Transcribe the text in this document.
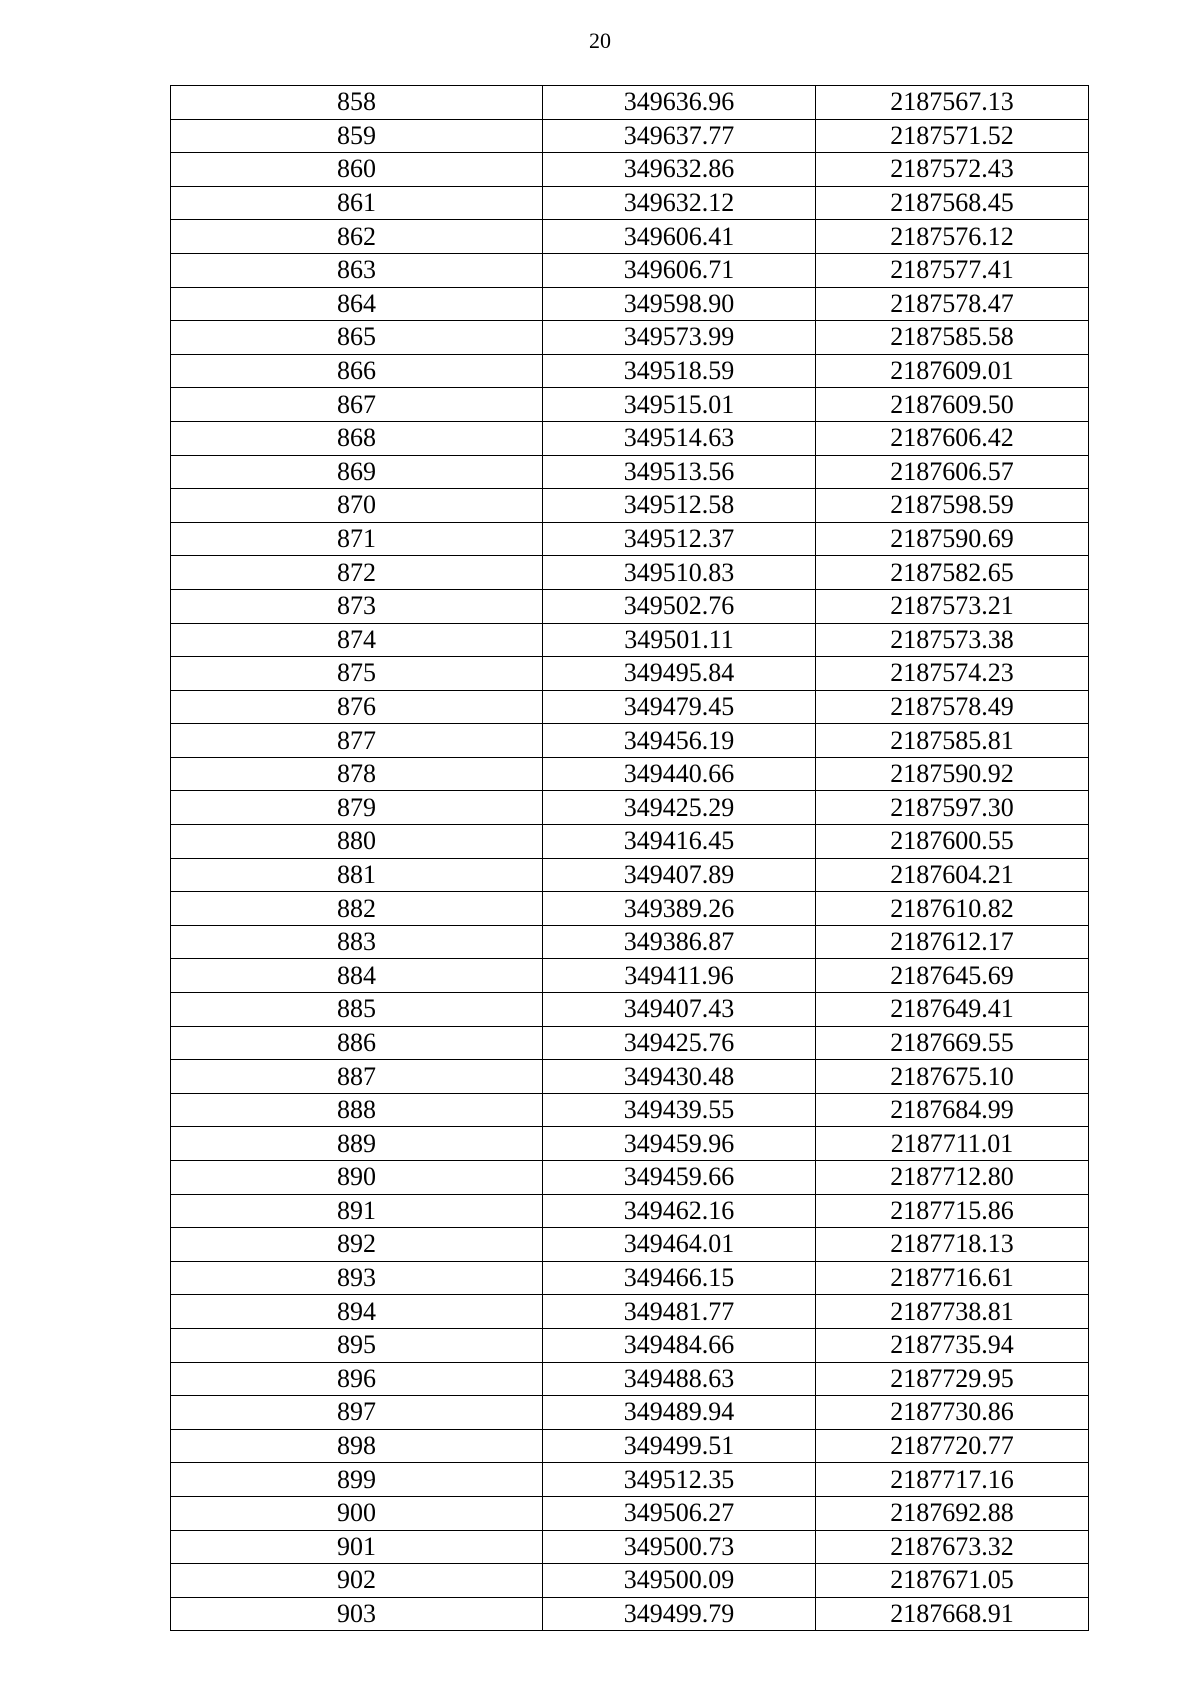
20
858	349636.96	2187567.13
859	349637.77	2187571.52
860	349632.86	2187572.43
861	349632.12	2187568.45
862	349606.41	2187576.12
863	349606.71	2187577.41
864	349598.90	2187578.47
865	349573.99	2187585.58
866	349518.59	2187609.01
867	349515.01	2187609.50
868	349514.63	2187606.42
869	349513.56	2187606.57
870	349512.58	2187598.59
871	349512.37	2187590.69
872	349510.83	2187582.65
873	349502.76	2187573.21
874	349501.11	2187573.38
875	349495.84	2187574.23
876	349479.45	2187578.49
877	349456.19	2187585.81
878	349440.66	2187590.92
879	349425.29	2187597.30
880	349416.45	2187600.55
881	349407.89	2187604.21
882	349389.26	2187610.82
883	349386.87	2187612.17
884	349411.96	2187645.69
885	349407.43	2187649.41
886	349425.76	2187669.55
887	349430.48	2187675.10
888	349439.55	2187684.99
889	349459.96	2187711.01
890	349459.66	2187712.80
891	349462.16	2187715.86
892	349464.01	2187718.13
893	349466.15	2187716.61
894	349481.77	2187738.81
895	349484.66	2187735.94
896	349488.63	2187729.95
897	349489.94	2187730.86
898	349499.51	2187720.77
899	349512.35	2187717.16
900	349506.27	2187692.88
901	349500.73	2187673.32
902	349500.09	2187671.05
903	349499.79	2187668.91
